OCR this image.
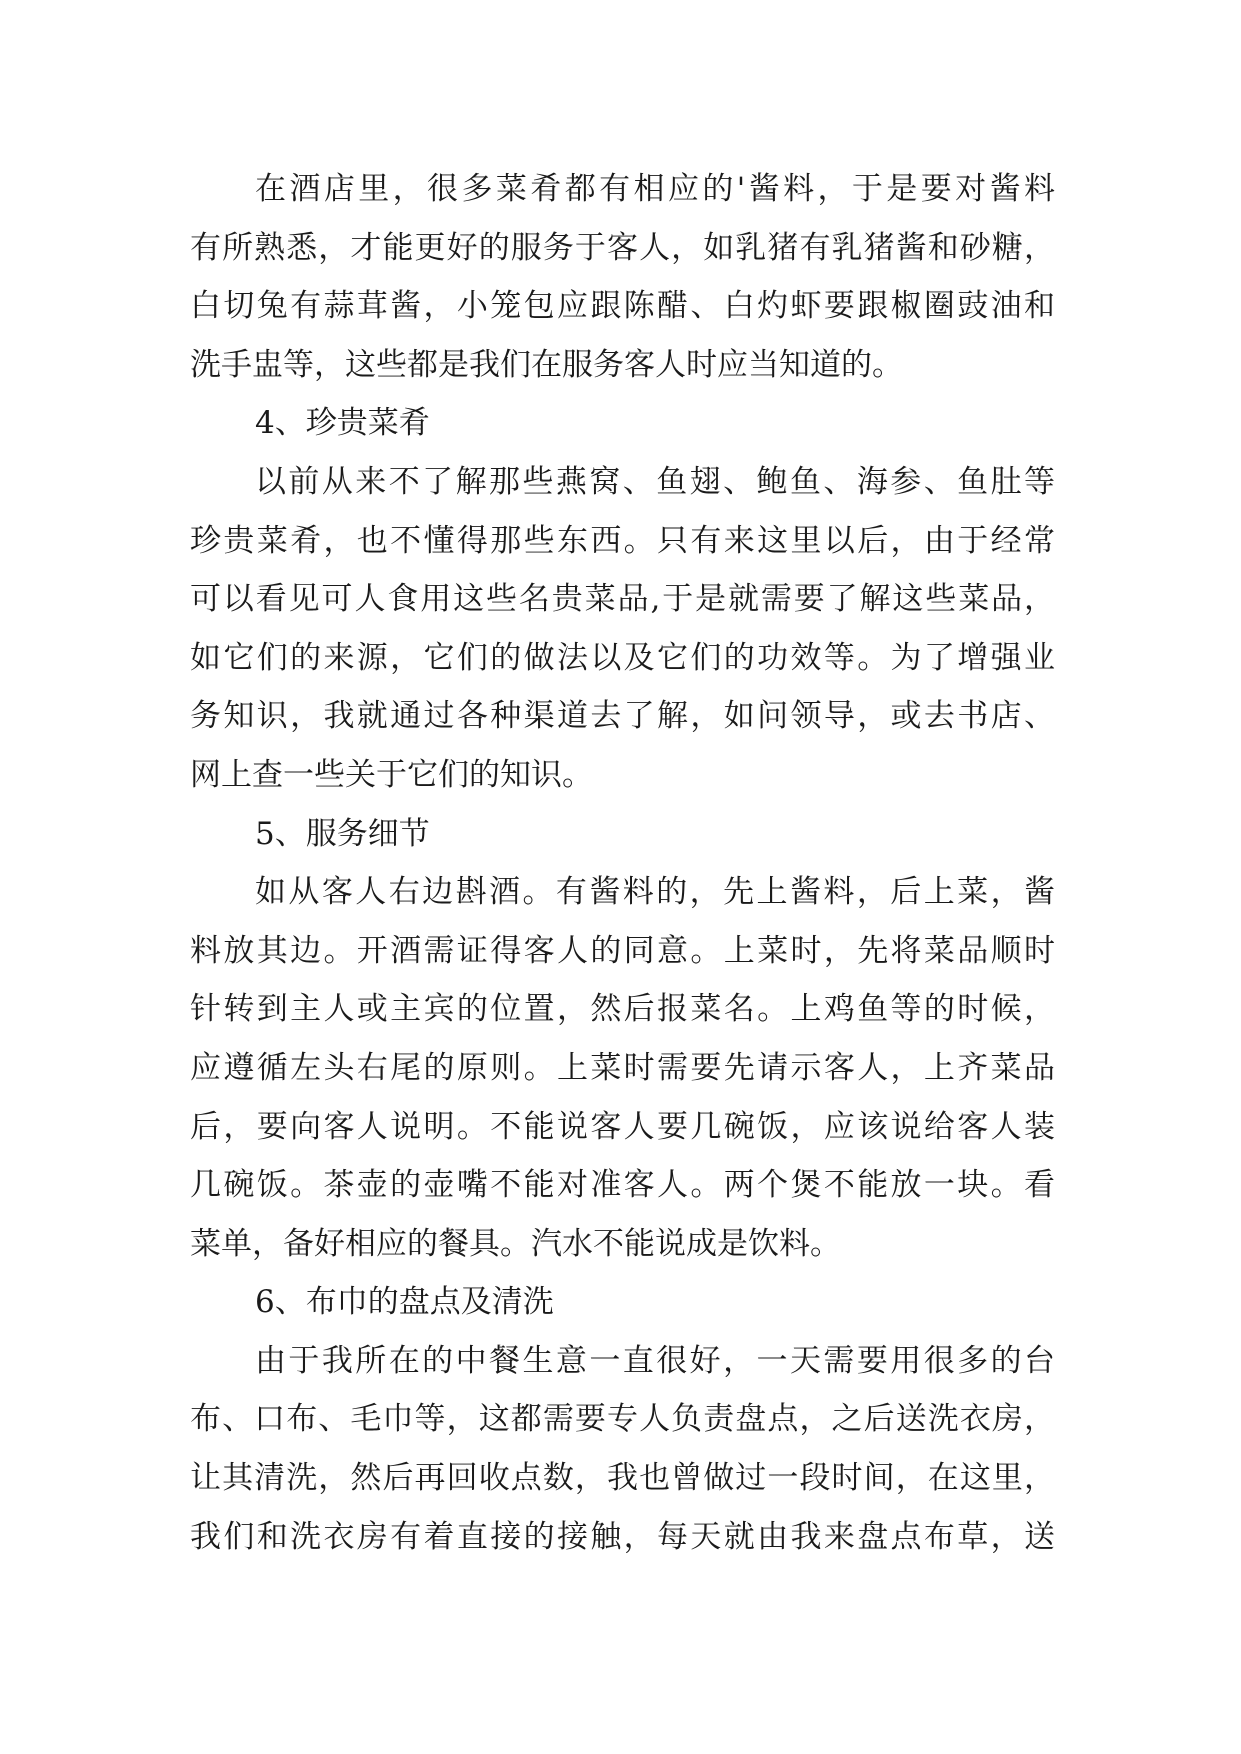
在酒店里，很多菜肴都有相应的'酱料，于是要对酱料
有所熟悉，才能更好的服务于客人，如乳猪有乳猪酱和砂糖，
白切兔有蒜茸酱，小笼包应跟陈醋、白灼虾要跟椒圈豉油和
洗手盅等，这些都是我们在服务客人时应当知道的。
4、珍贵菜肴
以前从来不了解那些燕窝、鱼翅、鲍鱼、海参、鱼肚等
珍贵菜肴，也不懂得那些东西。只有来这里以后，由于经常
可以看见可人食用这些名贵菜品,于是就需要了解这些菜品，
如它们的来源，它们的做法以及它们的功效等。为了增强业
务知识，我就通过各种渠道去了解，如问领导，或去书店、
网上查一些关于它们的知识。
5、服务细节
如从客人右边斟酒。有酱料的，先上酱料，后上菜，酱
料放其边。开酒需证得客人的同意。上菜时，先将菜品顺时
针转到主人或主宾的位置，然后报菜名。上鸡鱼等的时候，
应遵循左头右尾的原则。上菜时需要先请示客人，上齐菜品
后，要向客人说明。不能说客人要几碗饭，应该说给客人装
几碗饭。茶壶的壶嘴不能对准客人。两个煲不能放一块。看
菜单，备好相应的餐具。汽水不能说成是饮料。
6、布巾的盘点及清洗
由于我所在的中餐生意一直很好，一天需要用很多的台
布、口布、毛巾等，这都需要专人负责盘点，之后送洗衣房，
让其清洗，然后再回收点数，我也曾做过一段时间，在这里，
我们和洗衣房有着直接的接触，每天就由我来盘点布草，送
